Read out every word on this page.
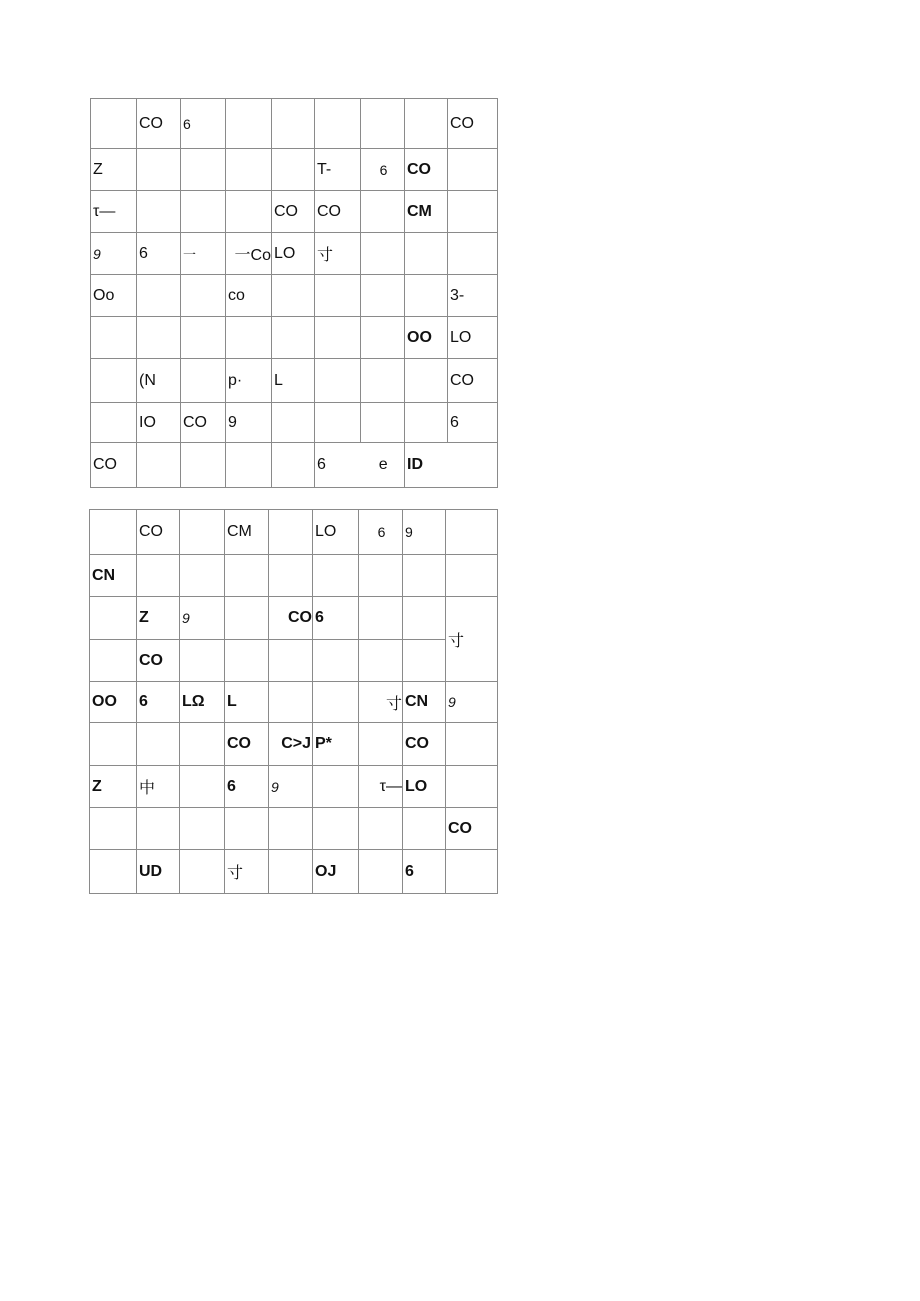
	CO	6						CO
Z					T-	6	CO	
τ—				CO	CO		CM	
9	6	一	一Co	LO	寸			
Oo			co					3-
							OO	LO
	(N		p·	L				CO
	IO	CO	9					6
CO					6	e	ID	
	CO		CM		LO	6	9	
CN								
	Z	9		CO	6			寸
	CO							
OO	6	LΩ	L			寸	CN	9
			CO	C>J	P*		CO	
Z	中		6	9		τ—	LO	
								CO
	UD		寸		OJ		6	
